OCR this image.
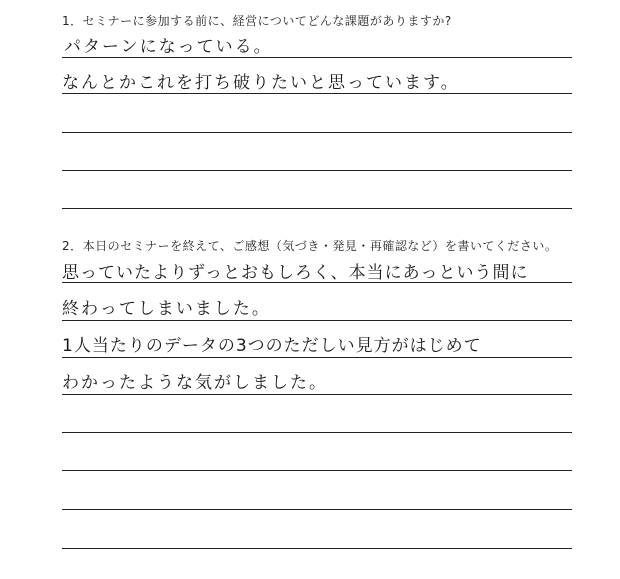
1．セミナーに参加する前に、経営についてどんな課題がありますか?
パターンになっている。
なんとかこれを打ち破りたいと思っています。
2．本日のセミナーを終えて、ご感想（気づき・発見・再確認など）を書いてください。
思っていたよりずっとおもしろく、本当にあっという間に
終わってしまいました。
1人当たりのデータの3つのただしい見方がはじめて
わかったような気がしました。
